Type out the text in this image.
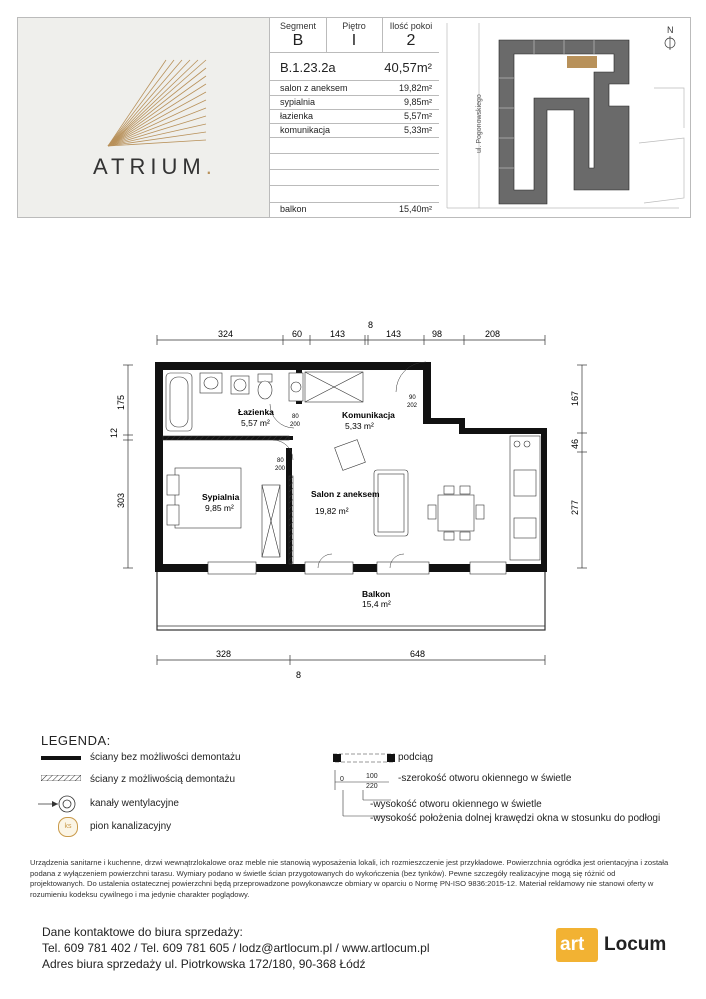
ATRIUM.
Segment
B
Piętro
I
Ilość pokoi
2
B.1.23.2a	40,57m²
salon z aneksem	19,82m²
sypialnia	9,85m²
łazienka	5,57m²
komunikacja	5,33m²
balkon	15,40m²
ul. Pogonowskiego
N
324	60	143
8
143	98	208
328	648
8
175
12
303
167
46
277
Łazienka
5,57 m²
Komunikacja
5,33 m²
Sypialnia
9,85 m²
Salon z aneksem
19,82 m²
Balkon
15,4 m²
80
200
80
200
90
202
LEGENDA:
ściany bez możliwości demontażu
ściany z możliwością demontażu
kanały wentylacyjne
ks	pion kanalizacyjny
podciąg
100
220
0	-szerokość otworu okiennego w świetle
-wysokość otworu okiennego w świetle
-wysokość położenia dolnej krawędzi okna w stosunku do podłogi
Urządzenia sanitarne i kuchenne, drzwi wewnątrzlokalowe oraz meble nie stanowią wyposażenia lokali, ich rozmieszczenie jest przykładowe. Powierzchnia ogródka jest orientacyjna i została podana z wyłączeniem powierzchni tarasu. Wymiary podano w świetle ścian przygotowanych do wykończenia (bez tynków). Pewne szczegóły realizacyjne mogą się różnić od projektowanych. Do ustalenia ostatecznej powierzchni będą przeprowadzone powykonawcze obmiary w oparciu o Normę PN-ISO 9836:2015-12. Materiał reklamowy nie stanowi oferty w rozumieniu kodeksu cywilnego i ma jedynie charakter poglądowy.
Dane kontaktowe do biura sprzedaży:
Tel. 609 781 402 / Tel. 609 781 605 / lodz@artlocum.pl / www.artlocum.pl
Adres biura sprzedaży ul. Piotrkowska 172/180, 90-368 Łódź
art Locum
